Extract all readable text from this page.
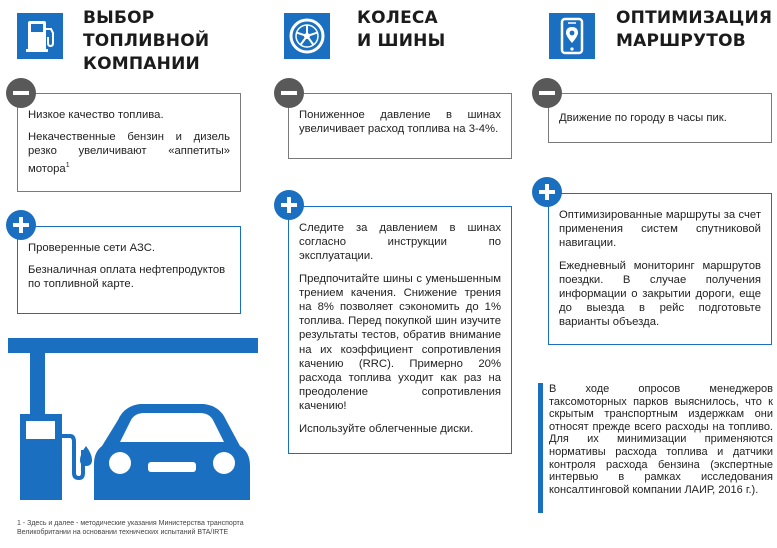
ВЫБОР
ТОПЛИВНОЙ
КОМПАНИИ

Низкое качество топлива.

Некачественные бензин и дизель резко увеличивают «аппетиты» мотора$^1$

Проверенные сети АЗС.

Безналичная оплата нефтепродуктов по топливной карте.

1 - Здесь и далее - методические указания Министерства транспорта
Великобритании на основании технических испытаний BTA/IRTE
КОЛЕСА
И ШИНЫ

Пониженное давление в шинах увеличивает расход топлива на 3-4%.

Следите за давлением в шинах согласно инструкции по эксплуатации.

Предпочитайте шины с уменьшенным трением качения. Снижение трения на 8% позволяет сэкономить до 1% топлива. Перед покупкой шин изучите результаты тестов, обратив внимание на их коэффициент сопротивления качению (RRC). Примерно 20% расхода топлива уходит как раз на преодоление сопротивления качению!

Используйте облегченные диски.

ОПТИМИЗАЦИЯ
МАРШРУТОВ

Движение по городу в часы пик.

Оптимизированные маршруты за счет применения систем спутниковой навигации.

Ежедневный мониторинг маршрутов поездки. В случае получения информации о закрытии дороги, еще до выезда в рейс подготовьте варианты объезда.

В ходе опросов менеджеров таксомоторных парков выяснилось, что к скрытым транспортным издержкам они относят прежде всего расходы на топливо. Для их минимизации применяются нормативы расхода топлива и датчики контроля расхода бензина (экспертные интервью в рамках исследования консалтинговой компании ЛАИР, 2016 г.).
